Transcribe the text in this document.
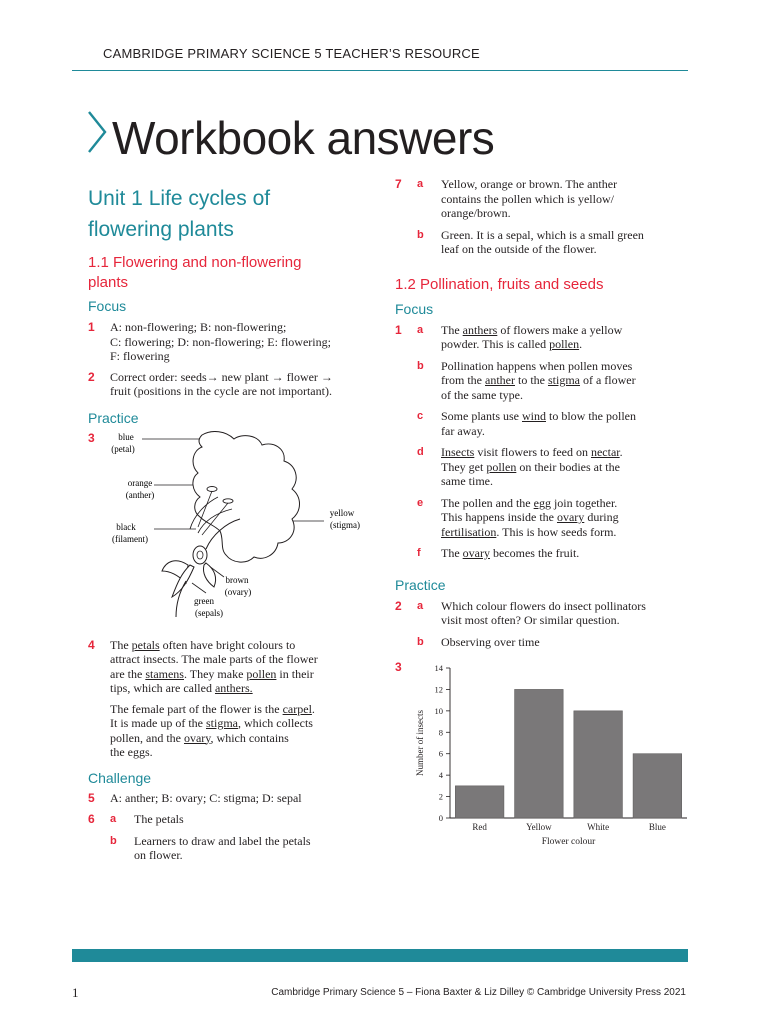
CAMBRIDGE PRIMARY SCIENCE 5 TEACHER’S RESOURCE
Workbook answers

Unit 1 Life cycles of
flowering plants

1.1 Flowering and non-flowering
plants

Focus

1 A: non-flowering; B: non-flowering;
C: flowering; D: non-flowering; E: flowering;
F: flowering
2 Correct order: seeds→ new plant → flower →
fruit (positions in the cycle are not important).

Practice

3	blue
(petal)
orange
(anther)
black
(filament)
yellow
(stigma)
brown
(ovary)
green
(sepals)
4 The petals often have bright colours to
attract insects. The male parts of the flower
are the stamens. They make pollen in their
tips, which are called anthers.
The female part of the flower is the carpel.
It is made up of the stigma, which collects
pollen, and the ovary, which contains
the eggs.

Challenge

5 A: anther; B: ovary; C: stigma; D: sepal
6 a The petals
b Learners to draw and label the petals
on flower.
7 a Yellow, orange or brown. The anther
contains the pollen which is yellow/
orange/brown.
b Green. It is a sepal, which is a small green
leaf on the outside of the flower.

1.2 Pollination, fruits and seeds

Focus

1 a The anthers of flowers make a yellow
powder. This is called pollen.
b Pollination happens when pollen moves
from the anther to the stigma of a flower
of the same type.
c Some plants use wind to blow the pollen
far away.
d Insects visit flowers to feed on nectar.
They get pollen on their bodies at the
same time.
e The pollen and the egg join together.
This happens inside the ovary during
fertilisation. This is how seeds form.
f The ovary becomes the fruit.

Practice

2 a Which colour flowers do insect pollinators
visit most often? Or similar question.
b Observing over time
3
0
2
4
6
8
10
12
14
Red	Yellow	White	Blue
Flower colour
Number of insects
1	Cambridge Primary Science 5 – Fiona Baxter & Liz Dilley © Cambridge University Press 2021
